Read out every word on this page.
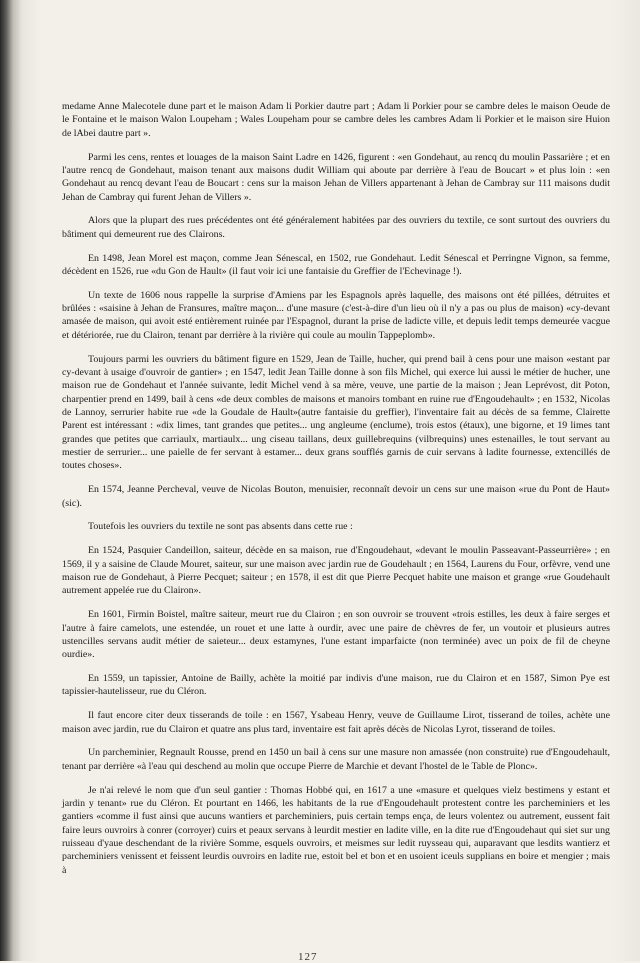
medame Anne Malecotele dune part et le maison Adam li Porkier dautre part ; Adam li Porkier pour se cambre deles le maison Oeude de le Fontaine et le maison Walon Loupeham ; Wales Loupeham pour se cambre deles les cambres Adam li Porkier et le maison sire Huion de lAbei dautre part ».

Parmi les cens, rentes et louages de la maison Saint Ladre en 1426, figurent : «en Gondehaut, au rencq du moulin Passarière ; et en l'autre rencq de Gondehaut, maison tenant aux maisons dudit William qui aboute par derrière à l'eau de Boucart » et plus loin : «en Gondehaut au rencq devant l'eau de Boucart : cens sur la maison Jehan de Villers appartenant à Jehan de Cambray sur 111 maisons dudit Jehan de Cambray qui furent Jehan de Villers ».

Alors que la plupart des rues précédentes ont été généralement habitées par des ouvriers du textile, ce sont surtout des ouvriers du bâtiment qui demeurent rue des Clairons.

En 1498, Jean Morel est maçon, comme Jean Sénescal, en 1502, rue Gondehaut. Ledit Sénescal et Perringne Vignon, sa femme, décèdent en 1526, rue «du Gon de Hault» (il faut voir ici une fantaisie du Greffier de l'Echevinage !).

Un texte de 1606 nous rappelle la surprise d'Amiens par les Espagnols après laquelle, des maisons ont été pillées, détruites et brûlées : «saisine à Jehan de Fransures, maître maçon... d'une masure (c'est-à-dire d'un lieu où il n'y a pas ou plus de maison) «cy-devant amasée de maison, qui avoit esté entièrement ruinée par l'Espagnol, durant la prise de ladicte ville, et depuis ledit temps demeurée vacgue et détériorée, rue du Clairon, tenant par derrière à la rivière qui coule au moulin Tappeplomb».

Toujours parmi les ouvriers du bâtiment figure en 1529, Jean de Taille, hucher, qui prend bail à cens pour une maison «estant par cy-devant à usaige d'ouvroir de gantier» ; en 1547, ledit Jean Taille donne à son fils Michel, qui exerce lui aussi le métier de hucher, une maison rue de Gondehaut et l'année suivante, ledit Michel vend à sa mère, veuve, une partie de la maison ; Jean Leprévost, dit Poton, charpentier prend en 1499, bail à cens «de deux combles de maisons et manoirs tombant en ruine rue d'Engoudehault» ; en 1532, Nicolas de Lannoy, serrurier habite rue «de la Goudale de Hault»(autre fantaisie du greffier), l'inventaire fait au décès de sa femme, Clairette Parent est intéressant : «dix limes, tant grandes que petites... ung angleume (enclume), trois estos (étaux), une bigorne, et 19 limes tant grandes que petites que carriaulx, martiaulx... ung ciseau taillans, deux guillebrequins (vilbrequins) unes estenailles, le tout servant au mestier de serrurier... une paielle de fer servant à estamer... deux grans soufflés garnis de cuir servans à ladite fournesse, extencillés de toutes choses».

En 1574, Jeanne Percheval, veuve de Nicolas Bouton, menuisier, reconnaît devoir un cens sur une maison «rue du Pont de Haut» (sic).

Toutefois les ouvriers du textile ne sont pas absents dans cette rue :

En 1524, Pasquier Candeillon, saiteur, décède en sa maison, rue d'Engoudehaut, «devant le moulin Passeavant-Passeurrière» ; en 1569, il y a saisine de Claude Mouret, saiteur, sur une maison avec jardin rue de Goudehault ; en 1564, Laurens du Four, orfèvre, vend une maison rue de Gondehaut, à Pierre Pecquet; saiteur ; en 1578, il est dit que Pierre Pecquet habite une maison et grange «rue Goudehault autrement appelée rue du Clairon».

En 1601, Firmin Boistel, maître saiteur, meurt rue du Clairon ; en son ouvroir se trouvent «trois estilles, les deux à faire serges et l'autre à faire camelots, une estendée, un rouet et une latte à ourdir, avec une paire de chèvres de fer, un voutoir et plusieurs autres ustencilles servans audit métier de saieteur... deux estamynes, l'une estant imparfaicte (non terminée) avec un poix de fil de cheyne ourdie».

En 1559, un tapissier, Antoine de Bailly, achète la moitié par indivis d'une maison, rue du Clairon et en 1587, Simon Pye est tapissier-hautelisseur, rue du Cléron.

Il faut encore citer deux tisserands de toile : en 1567, Ysabeau Henry, veuve de Guillaume Lirot, tisserand de toiles, achète une maison avec jardin, rue du Clairon et quatre ans plus tard, inventaire est fait après décès de Nicolas Lyrot, tisserand de toiles.

Un parcheminier, Regnault Rousse, prend en 1450 un bail à cens sur une masure non amassée (non construite) rue d'Engoudehault, tenant par derrière «à l'eau qui deschend au molin que occupe Pierre de Marchie et devant l'hostel de le Table de Plonc».

Je n'ai relevé le nom que d'un seul gantier : Thomas Hobbé qui, en 1617 a une «masure et quelques vielz bestimens y estant et jardin y tenant» rue du Cléron. Et pourtant en 1466, les habitants de la rue d'Engoudehault protestent contre les parcheminiers et les gantiers «comme il fust ainsi que aucuns wantiers et parcheminiers, puis certain temps ença, de leurs volentez ou autrement, eussent fait faire leurs ouvroirs à conrer (corroyer) cuirs et peaux servans à leurdit mestier en ladite ville, en la dite rue d'Engoudehaut qui siet sur ung ruisseau d'yaue deschendant de la rivière Somme, esquels ouvroirs, et meismes sur ledit ruysseau qui, auparavant que lesdits wantierz et parcheminiers venissent et feissent leurdis ouvroirs en ladite rue, estoit bel et bon et en usoient iceuls supplians en boire et mengier ; mais à

127
